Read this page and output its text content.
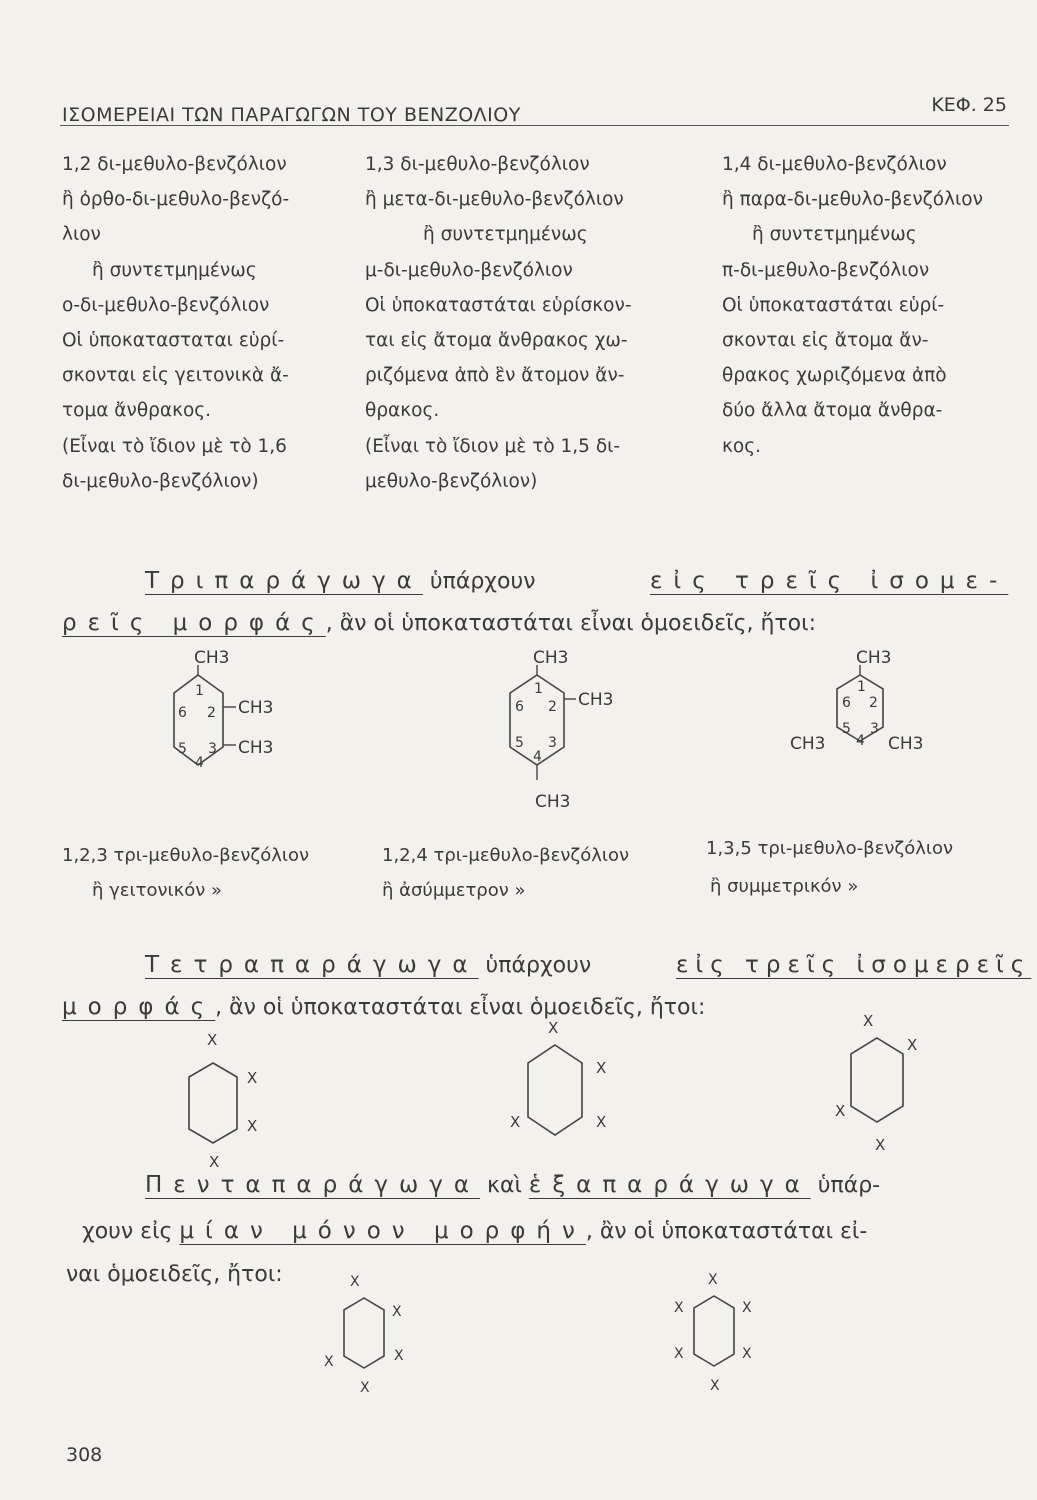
ΙΣΟΜΕΡΕΙΑΙ ΤΩΝ ΠΑΡΑΓΩΓΩΝ ΤΟΥ ΒΕΝΖΟΛΙΟΥ	ΚΕΦ. 25
1,2 δι-μεθυλο-βενζόλιον
ἢ ὀρθο-δι-μεθυλο-βενζό-
λιον
ἢ συντετμημένως
ο-δι-μεθυλο-βενζόλιον
Οἱ ὑποκατασταται εὑρί-
σκονται εἰς γειτονικὰ ἄ-
τομα ἄνθρακος.
(Εἶναι τὸ ἴδιον μὲ τὸ 1,6
δι-μεθυλο-βενζόλιον)
1,3 δι-μεθυλο-βενζόλιον
ἢ μετα-δι-μεθυλο-βενζόλιον
ἢ συντετμημένως
μ-δι-μεθυλο-βενζόλιον
Οἱ ὑποκαταστάται εὑρίσκον-
ται εἰς ἄτομα ἄνθρακος χω-
ριζόμενα ἀπὸ ἓν ἄτομον ἄν-
θρακος.
(Εἶναι τὸ ἴδιον μὲ τὸ 1,5 δι-
μεθυλο-βενζόλιον)
1,4 δι-μεθυλο-βενζόλιον
ἢ παρα-δι-μεθυλο-βενζόλιον
ἢ συντετμημένως
π-δι-μεθυλο-βενζόλιον
Οἱ ὑποκαταστάται εὑρί-
σκονται εἰς ἄτομα ἄν-
θρακος χωριζόμενα ἀπὸ
δύο ἄλλα ἄτομα ἄνθρα-
κος.
Τριπαράγωγα ὑπάρχουν	εἰς τρεῖς ἰσομε-
ρεῖς μορφάς, ἂν οἱ ὑποκαταστάται εἶναι ὁμοειδεῖς, ἤτοι:
CH3
CH3
CH3
1
2
3
4
5
6
CH3
CH3
CH3
1
2
3
4
5
6
CH3
CH3
CH3
1
2
3
4
5
6
1,2,3 τρι-μεθυλο-βενζόλιον
ἢ γειτονικόν »
1,2,4 τρι-μεθυλο-βενζόλιον
ἢ ἀσύμμετρον »
1,3,5 τρι-μεθυλο-βενζόλιον
ἢ συμμετρικόν »
Τετραπαράγωγα ὑπάρχουν	εἰς τρεῖς ἰσομερεῖς
μορφάς, ἂν οἱ ὑποκαταστάται εἶναι ὁμοειδεῖς, ἤτοι:
X
X
X
X
X
X
X
X
X
X
X
X
Πενταπαράγωγα καὶ ἑξαπαράγωγα ὑπάρ-
χουν εἰς μίαν μόνον μορφήν, ἂν οἱ ὑποκαταστάται εἰ-
ναι ὁμοειδεῖς, ἤτοι:	X
X
X
X
X
X
X
X
X
X
X
308
